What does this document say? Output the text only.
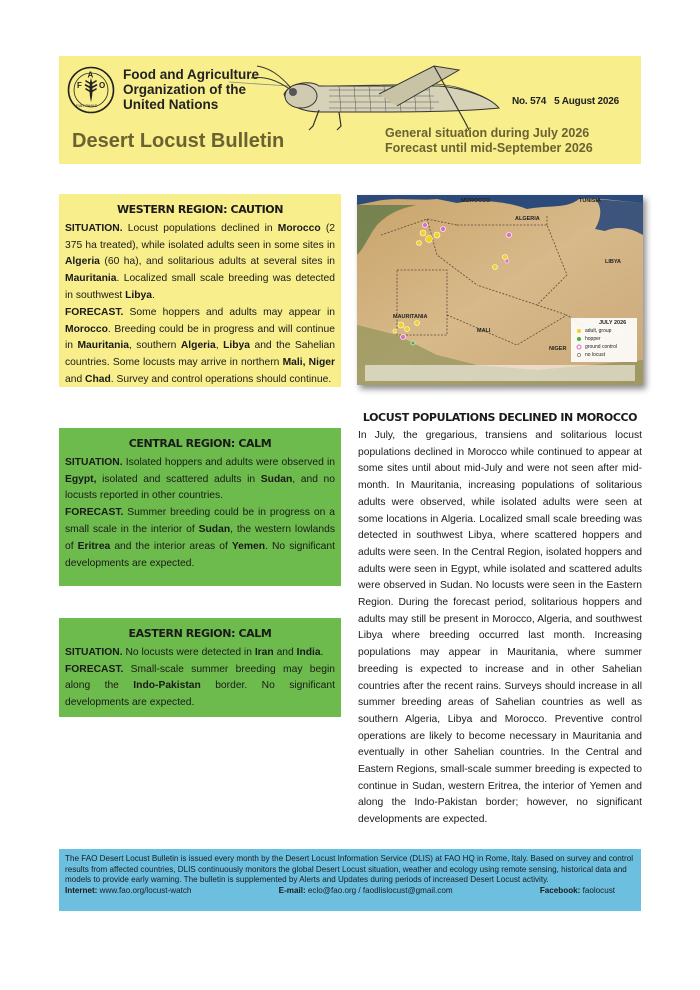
F
A
O
FIAT PANIS
Food and Agriculture
Organization of the
United Nations	No. 574 5 August 2026
Desert Locust Bulletin	General situation during July 2026
Forecast until mid-September 2026
WESTERN REGION: CAUTION

SITUATION. Locust populations declined in Morocco (2 375 ha treated), while isolated adults seen in some sites in Algeria (60 ha), and solitarious adults at several sites in Mauritania. Localized small scale breeding was detected in southwest Libya.

FORECAST. Some hoppers and adults may appear in Morocco. Breeding could be in progress and will continue in Mauritania, southern Algeria, Libya and the Sahelian countries. Some locusts may arrive in northern Mali, Niger and Chad. Survey and control operations should continue.

MOROCCO	TUNISIA
ALGERIA
LIBYA
MAURITANIA
MALI
NIGER
JULY 2026
adult, group
hopper
ground control
no locust
CENTRAL REGION: CALM

SITUATION. Isolated hoppers and adults were observed in Egypt, isolated and scattered adults in Sudan, and no locusts reported in other countries.

FORECAST. Summer breeding could be in progress on a small scale in the interior of Sudan, the western lowlands of Eritrea and the interior areas of Yemen. No significant developments are expected.

EASTERN REGION: CALM

SITUATION. No locusts were detected in Iran and India.

FORECAST. Small-scale summer breeding may begin along the Indo-Pakistan border. No significant developments are expected.

LOCUST POPULATIONS DECLINED IN MOROCCO

In July, the gregarious, transiens and solitarious locust populations declined in Morocco while continued to appear at some sites until about mid-July and were not seen after mid-month. In Mauritania, increasing populations of solitarious adults were observed, while isolated adults were seen at some locations in Algeria. Localized small scale breeding was detected in southwest Libya, where scattered hoppers and adults were seen. In the Central Region, isolated hoppers and adults were seen in Egypt, while isolated and scattered adults were observed in Sudan. No locusts were seen in the Eastern Region. During the forecast period, solitarious hoppers and adults may still be present in Morocco, Algeria, and southwest Libya where breeding occurred last month. Increasing populations may appear in Mauritania, where summer breeding is expected to increase and in other Sahelian countries after the recent rains. Surveys should increase in all summer breeding areas of Sahelian countries as well as southern Algeria, Libya and Morocco. Preventive control operations are likely to become necessary in Mauritania and eventually in other Sahelian countries. In the Central and Eastern Regions, small-scale summer breeding is expected to continue in Sudan, western Eritrea, the interior of Yemen and along the Indo-Pakistan border; however, no significant developments are expected.

The FAO Desert Locust Bulletin is issued every month by the Desert Locust Information Service (DLIS) at FAO HQ in Rome, Italy. Based on survey and control results from affected countries, DLIS continuously monitors the global Desert Locust situation, weather and ecology using remote sensing, historical data and models to provide early warning. The bulletin is supplemented by Alerts and Updates during periods of increased Desert Locust activity.
Internet: www.fao.org/locust-watch	E-mail: eclo@fao.org / faodlislocust@gmail.com	Facebook: faolocust
